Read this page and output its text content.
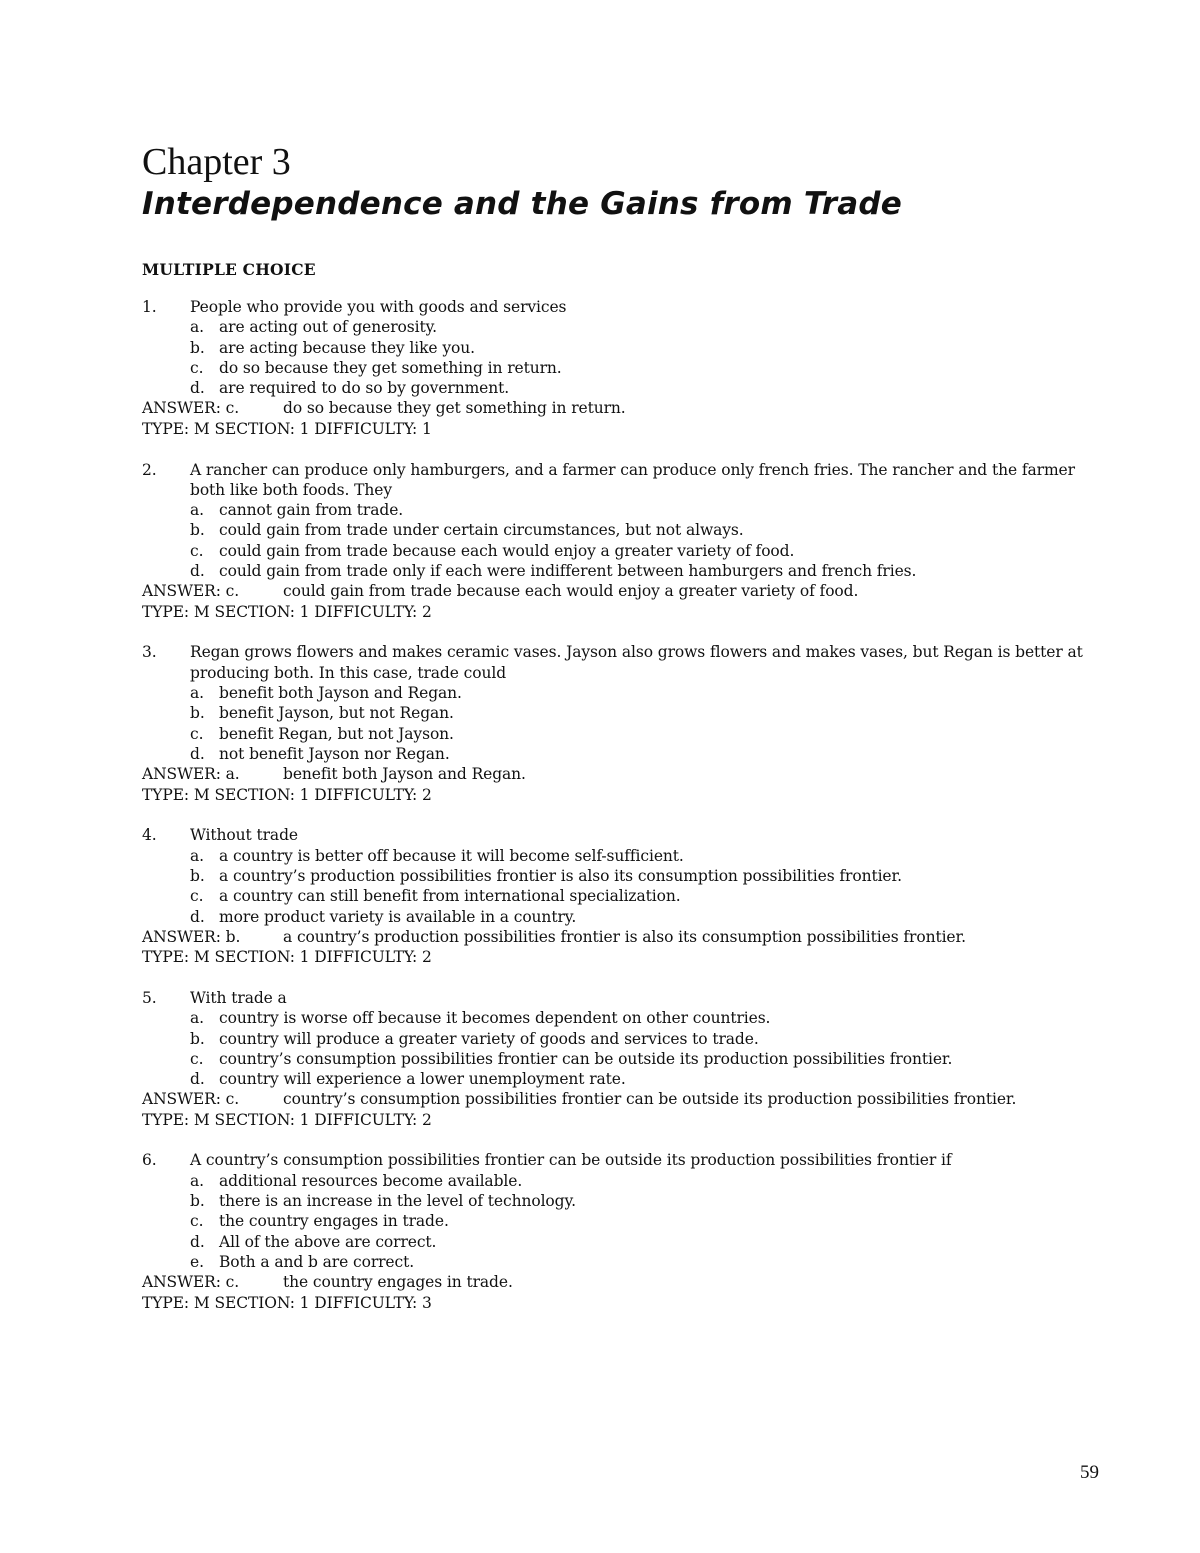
Chapter 3
Interdependence and the Gains from Trade
MULTIPLE CHOICE
1.	People who provide you with goods and services
a. are acting out of generosity.
b. are acting because they like you.
c. do so because they get something in return.
d. are required to do so by government.
ANSWER: c.	do so because they get something in return.
TYPE: M SECTION: 1 DIFFICULTY: 1
2.	A rancher can produce only hamburgers, and a farmer can produce only french fries. The rancher and the farmer both like both foods. They
a. cannot gain from trade.
b. could gain from trade under certain circumstances, but not always.
c. could gain from trade because each would enjoy a greater variety of food.
d. could gain from trade only if each were indifferent between hamburgers and french fries.
ANSWER: c.	could gain from trade because each would enjoy a greater variety of food.
TYPE: M SECTION: 1 DIFFICULTY: 2
3.	Regan grows flowers and makes ceramic vases. Jayson also grows flowers and makes vases, but Regan is better at producing both. In this case, trade could
a. benefit both Jayson and Regan.
b. benefit Jayson, but not Regan.
c. benefit Regan, but not Jayson.
d. not benefit Jayson nor Regan.
ANSWER: a.	benefit both Jayson and Regan.
TYPE: M SECTION: 1 DIFFICULTY: 2
4.	Without trade
a. a country is better off because it will become self-sufficient.
b. a country’s production possibilities frontier is also its consumption possibilities frontier.
c. a country can still benefit from international specialization.
d. more product variety is available in a country.
ANSWER: b.	a country’s production possibilities frontier is also its consumption possibilities frontier.
TYPE: M SECTION: 1 DIFFICULTY: 2
5.	With trade a
a. country is worse off because it becomes dependent on other countries.
b. country will produce a greater variety of goods and services to trade.
c. country’s consumption possibilities frontier can be outside its production possibilities frontier.
d. country will experience a lower unemployment rate.
ANSWER: c.	country’s consumption possibilities frontier can be outside its production possibilities frontier.
TYPE: M SECTION: 1 DIFFICULTY: 2
6.	A country’s consumption possibilities frontier can be outside its production possibilities frontier if
a. additional resources become available.
b. there is an increase in the level of technology.
c. the country engages in trade.
d. All of the above are correct.
e. Both a and b are correct.
ANSWER: c.	the country engages in trade.
TYPE: M SECTION: 1 DIFFICULTY: 3
59
